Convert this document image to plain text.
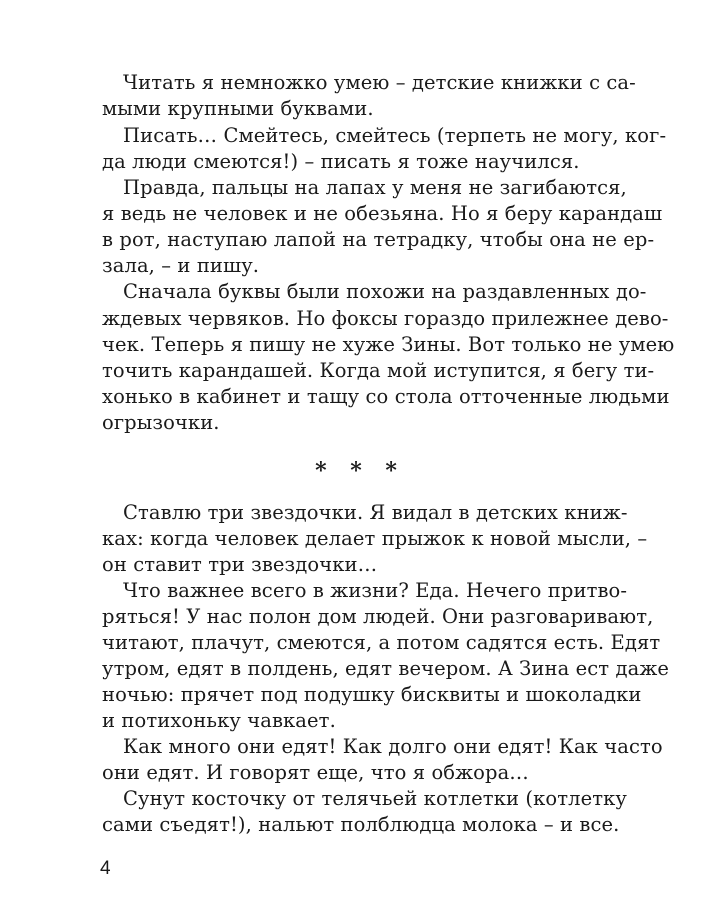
Читать я немножко умею – детские книжки с са-
мыми крупными буквами.
Писать… Смейтесь, смейтесь (терпеть не могу, ког-
да люди смеются!) – писать я тоже научился.
Правда, пальцы на лапах у меня не загибаются,
я ведь не человек и не обезьяна. Но я беру карандаш
в рот, наступаю лапой на тетрадку, чтобы она не ер-
зала, – и пишу.
Сначала буквы были похожи на раздавленных до-
ждевых червяков. Но фоксы гораздо прилежнее дево-
чек. Теперь я пишу не хуже Зины. Вот только не умею
точить карандашей. Когда мой иступится, я бегу ти-
хонько в кабинет и тащу со стола отточенные людьми
огрызочки.
* * *
Ставлю три звездочки. Я видал в детских книж-
ках: когда человек делает прыжок к новой мысли, –
он ставит три звездочки…
Что важнее всего в жизни? Еда. Нечего притво-
ряться! У нас полон дом людей. Они разговаривают,
читают, плачут, смеются, а потом садятся есть. Едят
утром, едят в полдень, едят вечером. А Зина ест даже
ночью: прячет под подушку бисквиты и шоколадки
и потихоньку чавкает.
Как много они едят! Как долго они едят! Как часто
они едят. И говорят еще, что я обжора…
Сунут косточку от телячьей котлетки (котлетку
сами съедят!), нальют полблюдца молока – и все.
4
